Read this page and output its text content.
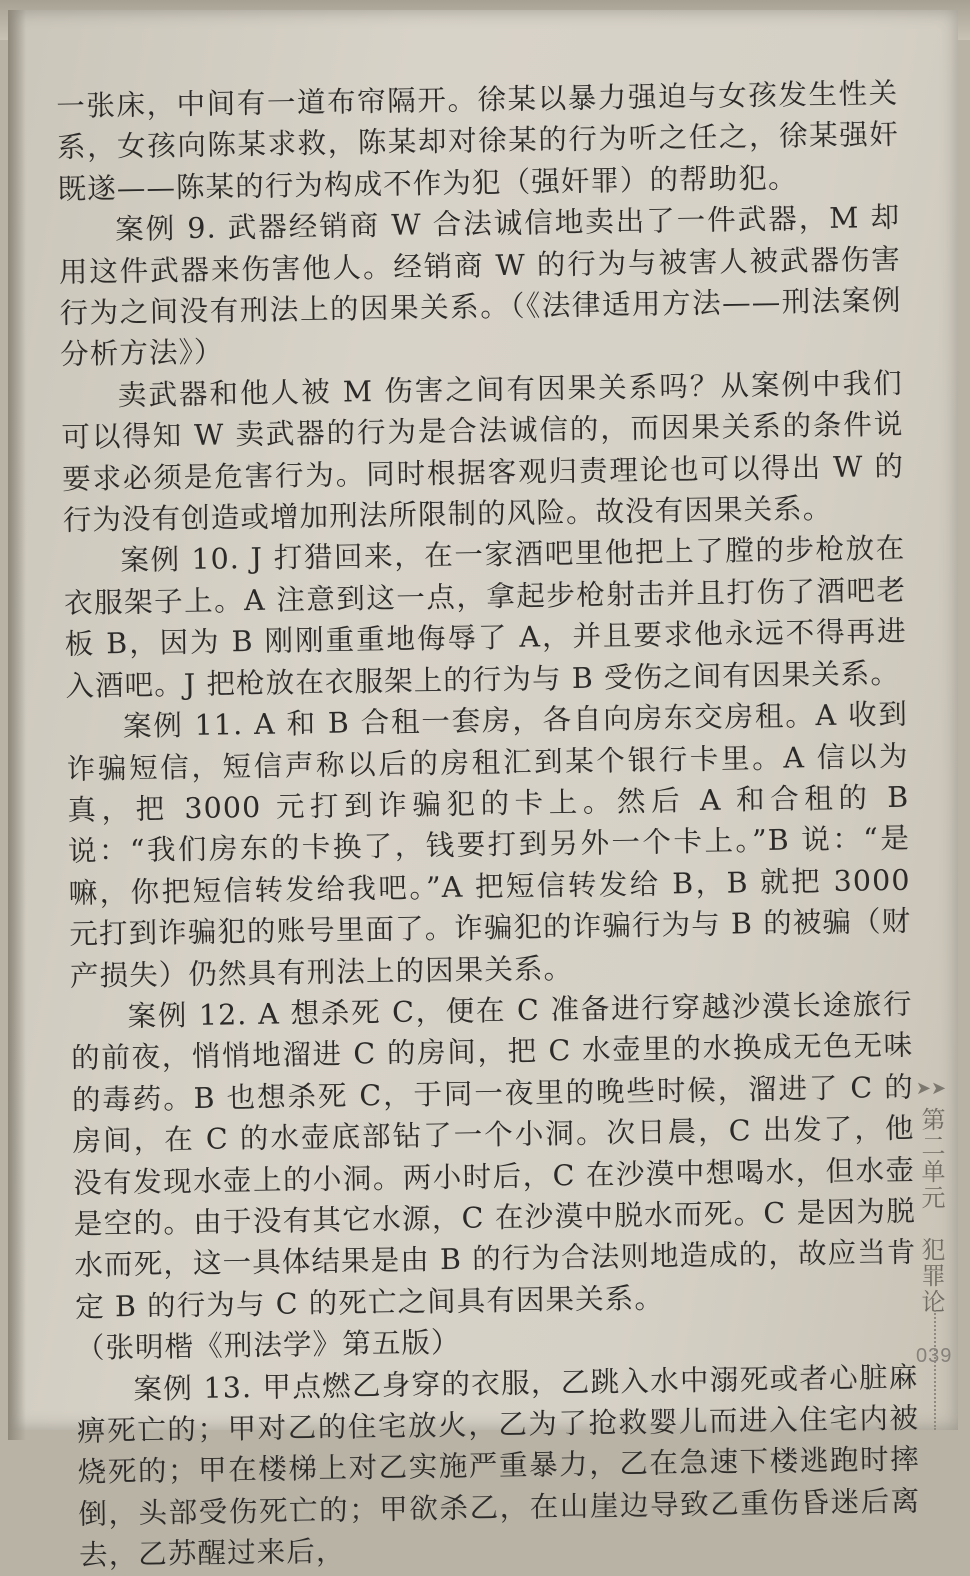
一张床，中间有一道布帘隔开。徐某以暴力强迫与女孩发生性关系，女孩向陈某求救，陈某却对徐某的行为听之任之，徐某强奸既遂——陈某的行为构成不作为犯（强奸罪）的帮助犯。

案例 9. 武器经销商 W 合法诚信地卖出了一件武器，M 却用这件武器来伤害他人。经销商 W 的行为与被害人被武器伤害行为之间没有刑法上的因果关系。（《法律适用方法——刑法案例分析方法》）

卖武器和他人被 M 伤害之间有因果关系吗？从案例中我们可以得知 W 卖武器的行为是合法诚信的，而因果关系的条件说要求必须是危害行为。同时根据客观归责理论也可以得出 W 的行为没有创造或增加刑法所限制的风险。故没有因果关系。

案例 10. J 打猎回来，在一家酒吧里他把上了膛的步枪放在衣服架子上。A 注意到这一点，拿起步枪射击并且打伤了酒吧老板 B，因为 B 刚刚重重地侮辱了 A，并且要求他永远不得再进入酒吧。J 把枪放在衣服架上的行为与 B 受伤之间有因果关系。

案例 11. A 和 B 合租一套房，各自向房东交房租。A 收到诈骗短信，短信声称以后的房租汇到某个银行卡里。A 信以为真，把 3000 元打到诈骗犯的卡上。然后 A 和合租的 B 说：“我们房东的卡换了，钱要打到另外一个卡上。”B 说：“是嘛，你把短信转发给我吧。”A 把短信转发给 B，B 就把 3000 元打到诈骗犯的账号里面了。诈骗犯的诈骗行为与 B 的被骗（财产损失）仍然具有刑法上的因果关系。

案例 12. A 想杀死 C，便在 C 准备进行穿越沙漠长途旅行的前夜，悄悄地溜进 C 的房间，把 C 水壶里的水换成无色无味的毒药。B 也想杀死 C，于同一夜里的晚些时候，溜进了 C 的房间，在 C 的水壶底部钻了一个小洞。次日晨，C 出发了，他没有发现水壶上的小洞。两小时后，C 在沙漠中想喝水，但水壶是空的。由于没有其它水源，C 在沙漠中脱水而死。C 是因为脱水而死，这一具体结果是由 B 的行为合法则地造成的，故应当肯定 B 的行为与 C 的死亡之间具有因果关系。

（张明楷《刑法学》第五版）

案例 13. 甲点燃乙身穿的衣服，乙跳入水中溺死或者心脏麻痹死亡的；甲对乙的住宅放火，乙为了抢救婴儿而进入住宅内被烧死的；甲在楼梯上对乙实施严重暴力，乙在急速下楼逃跑时摔倒，头部受伤死亡的；甲欲杀乙，在山崖边导致乙重伤昏迷后离去，乙苏醒过来后，

➤➤
第二单元　犯罪论
039
